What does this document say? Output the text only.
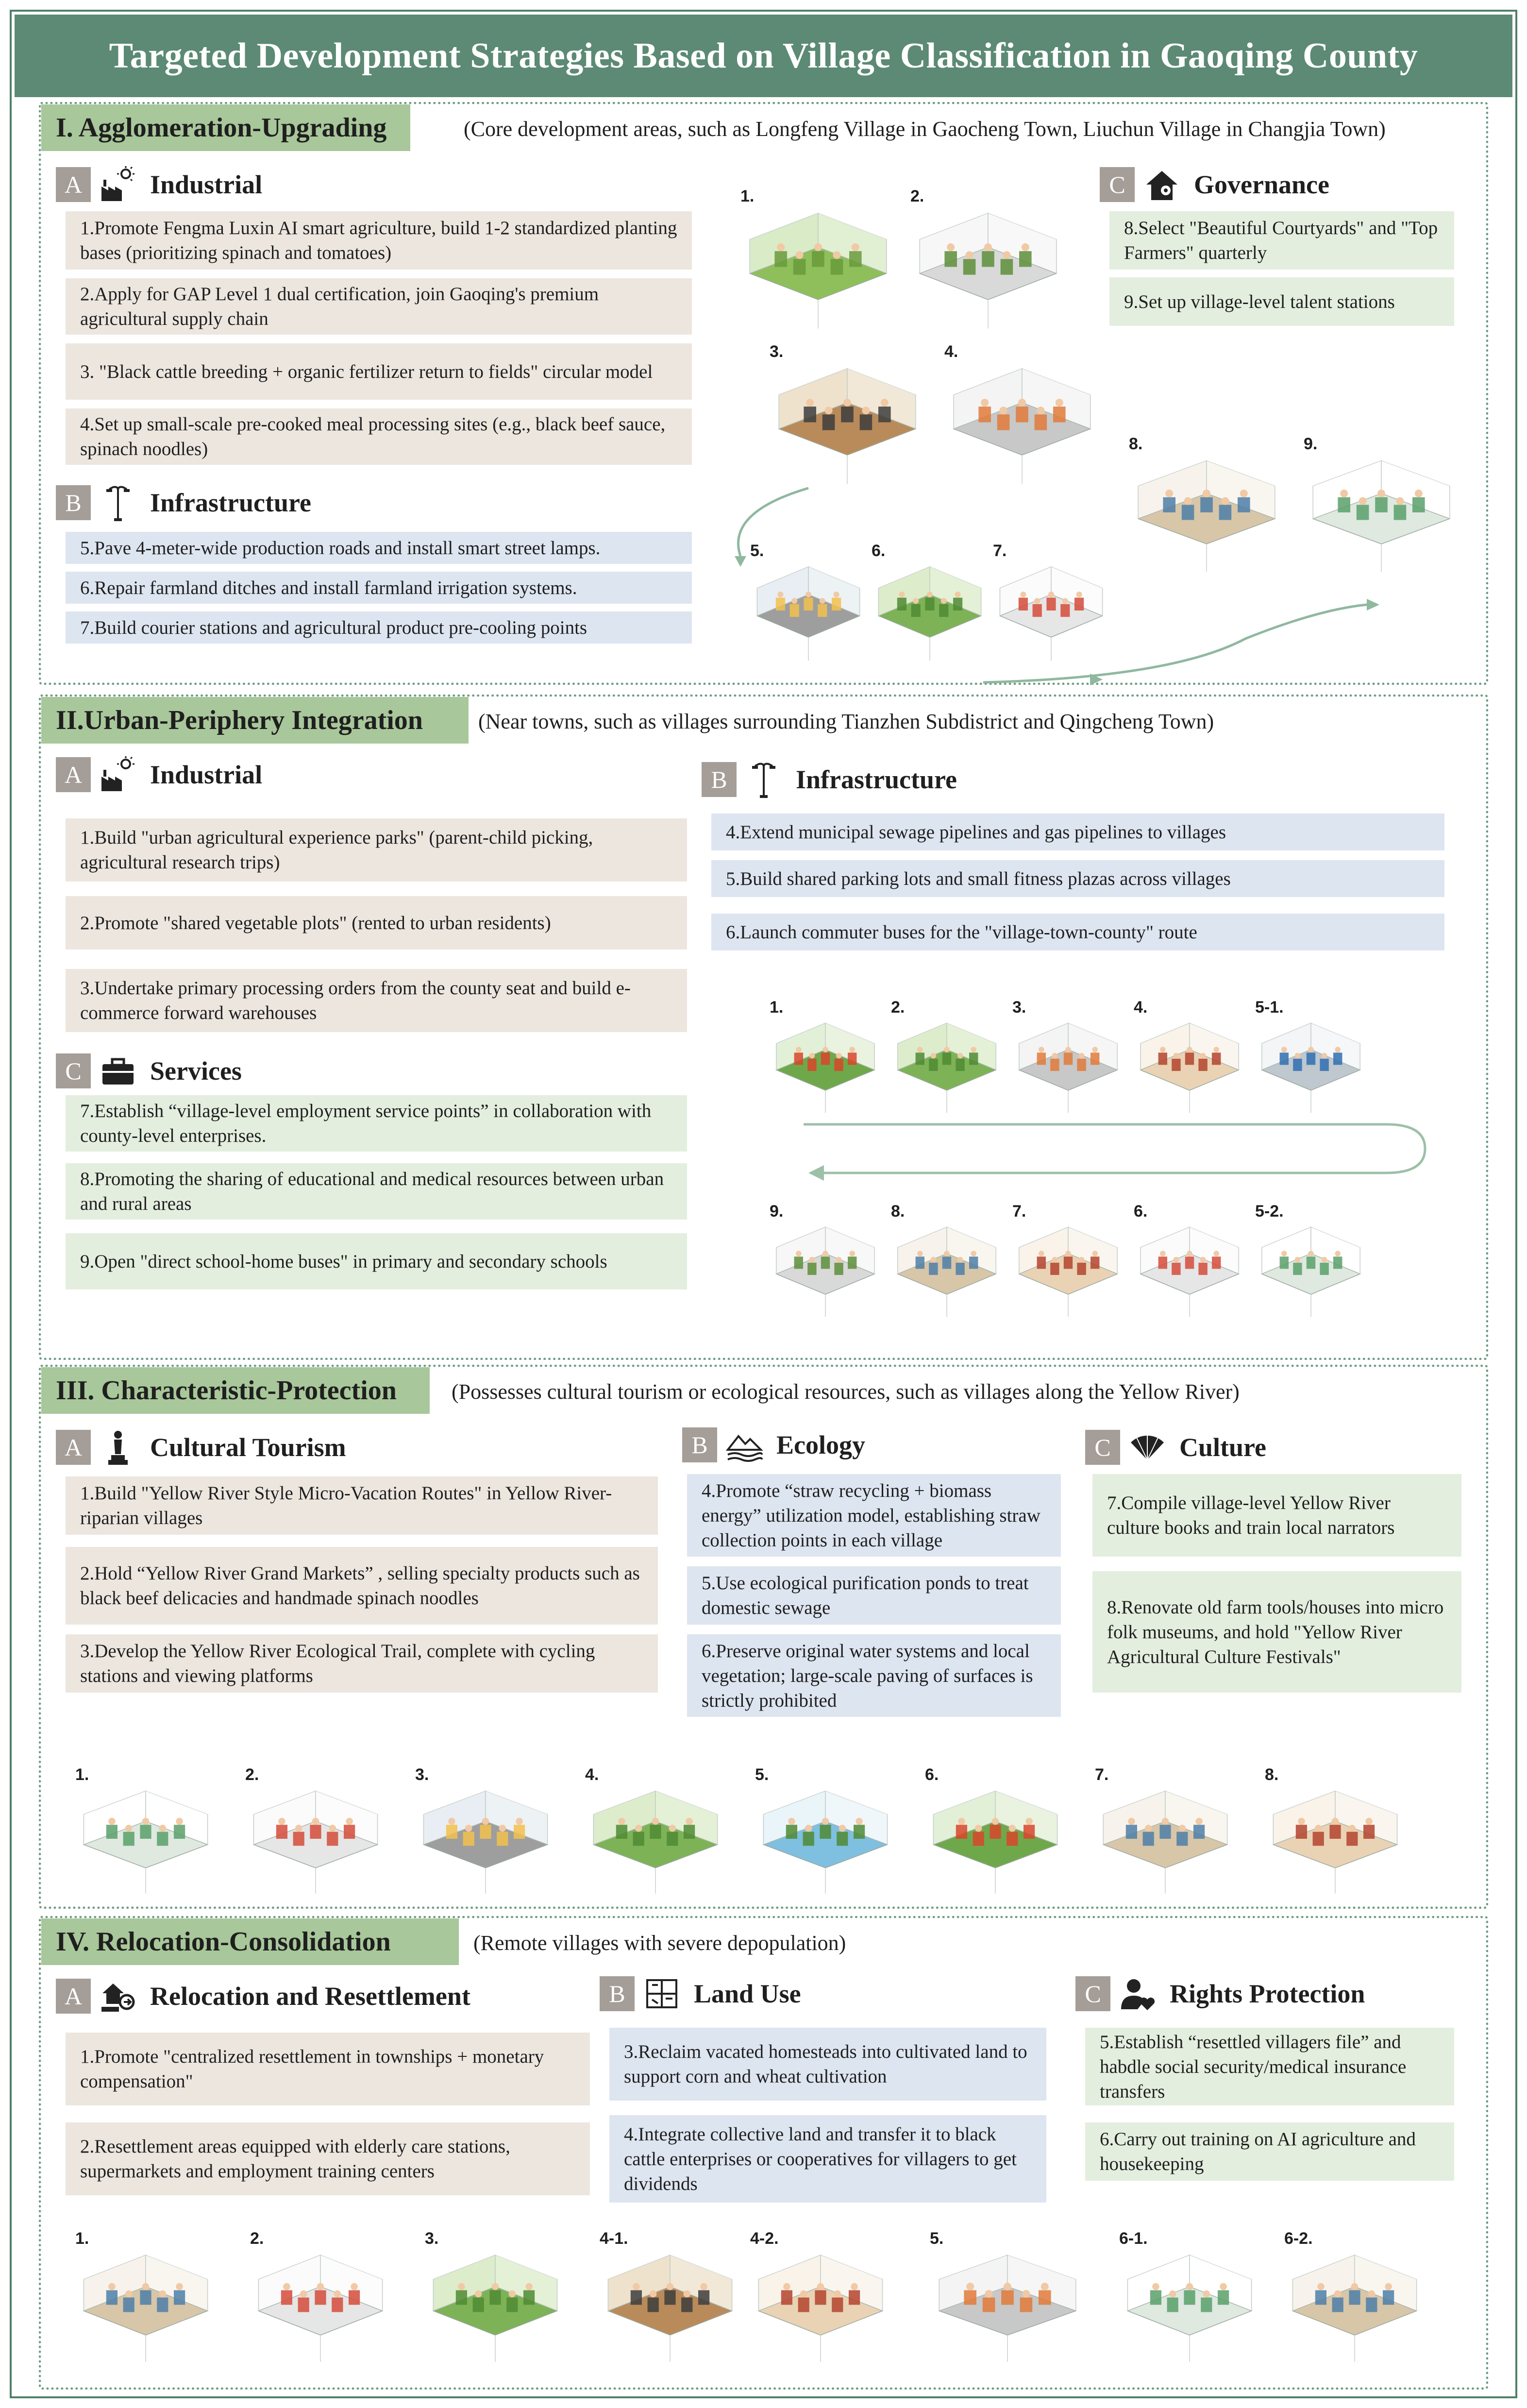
Targeted Development Strategies Based on Village Classification in Gaoqing County
I. Agglomeration-Upgrading	(Core development areas, such as Longfeng Village in Gaocheng Town, Liuchun Village in Changjia Town)
A	Industrial
1.Promote Fengma Luxin AI smart agriculture, build 1-2 standardized planting bases (prioritizing spinach and tomatoes)
2.Apply for GAP Level 1 dual certification, join Gaoqing's premium agricultural supply chain
3. "Black cattle breeding + organic fertilizer return to fields" circular model
4.Set up small-scale pre-cooked meal processing sites (e.g., black beef sauce, spinach noodles)
B	Infrastructure
5.Pave 4-meter-wide production roads and install smart street lamps.
6.Repair farmland ditches and install farmland irrigation systems.
7.Build courier stations and agricultural product pre-cooling points
C	Governance
8.Select "Beautiful Courtyards" and "Top Farmers" quarterly
9.Set up village-level talent stations
1.	2.
3.	4.
5.	6.	7.
8.	9.
II.Urban-Periphery Integration	(Near towns, such as villages surrounding Tianzhen Subdistrict and Qingcheng Town)
A	Industrial
1.Build "urban agricultural experience parks" (parent-child picking, agricultural research trips)
2.Promote "shared vegetable plots" (rented to urban residents)
3.Undertake primary processing orders from the county seat and build e-commerce forward warehouses
C	Services
7.Establish “village-level employment service points” in collaboration with county-level enterprises.
8.Promoting the sharing of educational and medical resources between urban and rural areas
9.Open "direct school-home buses" in primary and secondary schools
B	Infrastructure
4.Extend municipal sewage pipelines and gas pipelines to villages
5.Build shared parking lots and small fitness plazas across villages
6.Launch commuter buses for the "village-town-county" route
1.	2.	3.	4.	5-1.
9.	8.	7.	6.	5-2.
III. Characteristic-Protection	(Possesses cultural tourism or ecological resources, such as villages along the Yellow River)
A	Cultural Tourism
1.Build "Yellow River Style Micro-Vacation Routes" in Yellow River-riparian villages
2.Hold “Yellow River Grand Markets” , selling specialty products such as black beef delicacies and handmade spinach noodles
3.Develop the Yellow River Ecological Trail, complete with cycling stations and viewing platforms
B	Ecology
4.Promote “straw recycling + biomass energy” utilization model, establishing straw collection points in each village
5.Use ecological purification ponds to treat domestic sewage
6.Preserve original water systems and local vegetation; large-scale paving of surfaces is strictly prohibited
C	Culture
7.Compile village-level Yellow River culture books and train local narrators
8.Renovate old farm tools/houses into micro folk museums, and hold "Yellow River Agricultural Culture Festivals"
1.	2.	3.	4.	5.	6.	7.	8.
IV. Relocation-Consolidation	(Remote villages with severe depopulation)
A	Relocation and Resettlement
1.Promote "centralized resettlement in townships + monetary compensation"
2.Resettlement areas equipped with elderly care stations, supermarkets and employment training centers
B	Land Use
3.Reclaim vacated homesteads into cultivated land to support corn and wheat cultivation
4.Integrate collective land and transfer it to black cattle enterprises or cooperatives for villagers to get dividends
C	Rights Protection
5.Establish “resettled villagers file” and habdle social security/medical insurance transfers
6.Carry out training on AI agriculture and housekeeping
1.	2.	3.	4-1.	4-2.	5.	6-1.	6-2.
